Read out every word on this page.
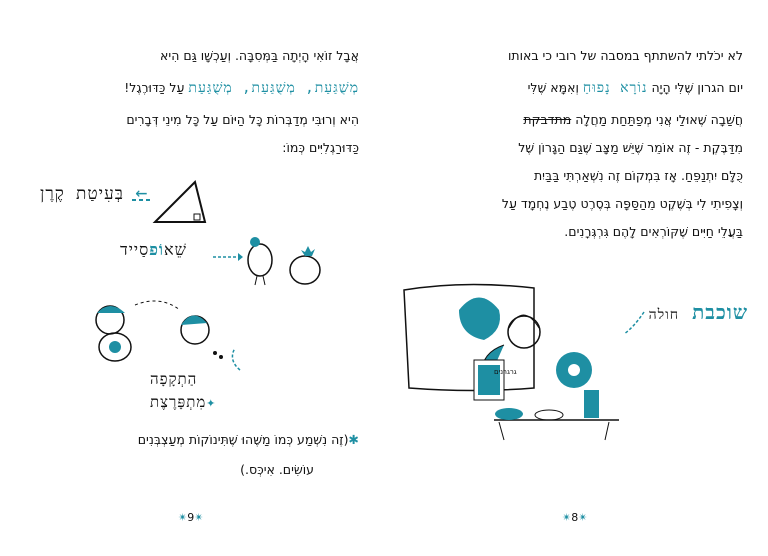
אֲבָל זוֹאִי הָיְתָה בַּמְּסִבָּה. וְעַכְשָׁו גַּם הִיא
מְשֻׁגַּעַת, מְשֻׁגַּעַת, מְשֻׁגַּעַת עַל כַּדּוּרֶגֶל!
הִיא וְרוּבִּי מְדַבְּרוֹת כָּל הַיּוֹם עַל כָּל מִינֵי דְּבָרִים
כַּדּוּרַגְלִיִּים כְּמוֹ:
← בְּעִיטַת קֶרֶן
שֵׁאוֹפסַייד
הַתְקָפָה
✦מִתְפָּרֶצֶת
✱(זֶה נִשְׁמַע כְּמוֹ מַשֶּׁהוּ שֶׁתִּינוֹקוֹת מְעַצְבְּנִים
עוֹשִׂים. אִיכְּס.)
✴9✴
לא יכֹלתי להשתתף במסבה של רובי כי באותו
יום הגרון שֶׁלִּי הָיָה נוֹרָא נָפוּחַ וְאִמָּא שֶׁלִּי
חֲשַׁבָה שֶׁאוּלַי אֲנִי מְפַתַּחַת מַחֲלָה מתדבקת
מִדַּבֶּקֶת - זֶה אוֹמֵר שֶׁיֵּשׁ מַצָּב שֶׁגַּם הַגָּרוֹן שֶׁל
כֻּלָּם יִתְנַפֵּחַ. אָז בִּמְקוֹם זֶה נִשְׁאַרְתִּי בַּבַּיִת
וְצָפִיתִי לִי בְּשֶׁקֶט מֵהַסַּפָּה בְּסֶרֶט טֶבַע נֶחְמָד עַל
בַּעֲלֵי חַיִּים שֶׁקּוֹרְאִים לָהֶם גִּרְגְּרָנִים.
שוכבת חולה
גרגרנים
✴8✴
